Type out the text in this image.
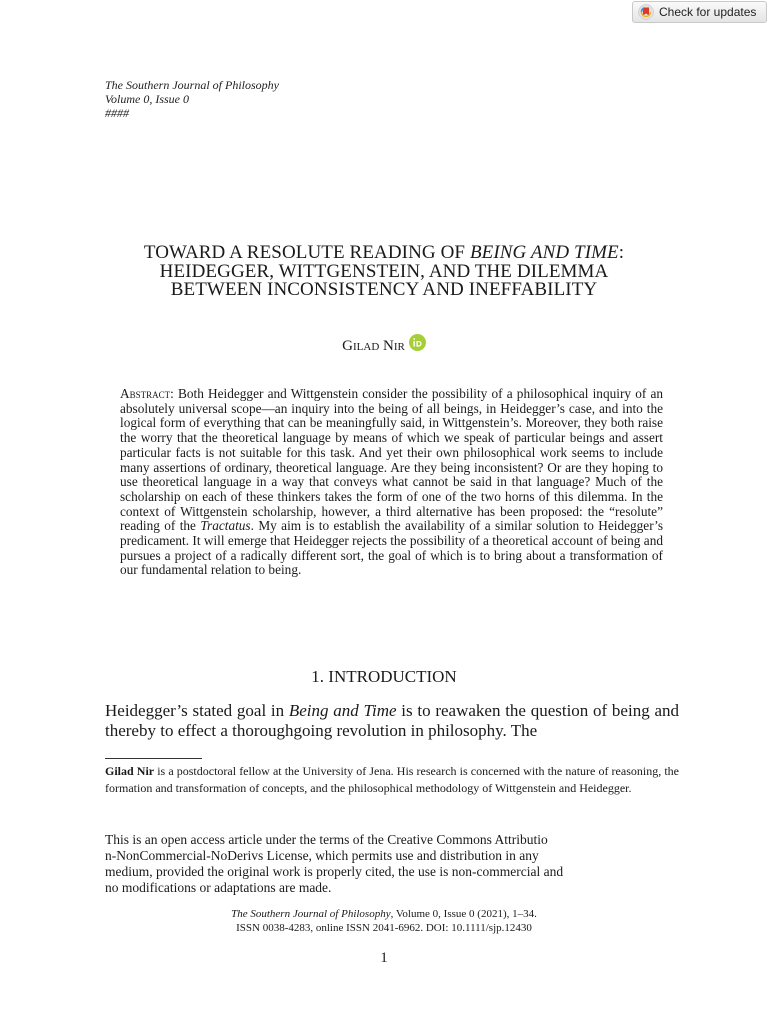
Check for updates
The Southern Journal of Philosophy
Volume 0, Issue 0
####
TOWARD A RESOLUTE READING OF BEING AND TIME:
HEIDEGGER, WITTGENSTEIN, AND THE DILEMMA
BETWEEN INCONSISTENCY AND INEFFABILITY
Gilad Nir
Abstract: Both Heidegger and Wittgenstein consider the possibility of a philosophical inquiry of an absolutely universal scope—an inquiry into the being of all beings, in Heidegger’s case, and into the logical form of everything that can be meaningfully said, in Wittgenstein’s. Moreover, they both raise the worry that the theoretical language by means of which we speak of particular beings and assert particular facts is not suitable for this task. And yet their own philosophical work seems to include many assertions of ordinary, theoretical language. Are they being inconsistent? Or are they hoping to use theoretical language in a way that conveys what cannot be said in that language? Much of the scholarship on each of these thinkers takes the form of one of the two horns of this dilemma. In the context of Wittgenstein scholarship, however, a third alternative has been proposed: the “resolute” reading of the Tractatus. My aim is to establish the availability of a similar solution to Heidegger’s predicament. It will emerge that Heidegger rejects the possibility of a theoretical account of being and pursues a project of a radically different sort, the goal of which is to bring about a transformation of our fundamental relation to being.
1. INTRODUCTION
Heidegger’s stated goal in Being and Time is to reawaken the question of being and thereby to effect a thoroughgoing revolution in philosophy. The
Gilad Nir is a postdoctoral fellow at the University of Jena. His research is concerned with the nature of reasoning, the formation and transformation of concepts, and the philosophical methodology of Wittgenstein and Heidegger.
This is an open access article under the terms of the Creative Commons Attributio
n-NonCommercial-NoDerivs License, which permits use and distribution in any
medium, provided the original work is properly cited, the use is non-commercial and
no modifications or adaptations are made.
The Southern Journal of Philosophy, Volume 0, Issue 0 (2021), 1–34.
ISSN 0038-4283, online ISSN 2041-6962. DOI: 10.1111/sjp.12430
1
